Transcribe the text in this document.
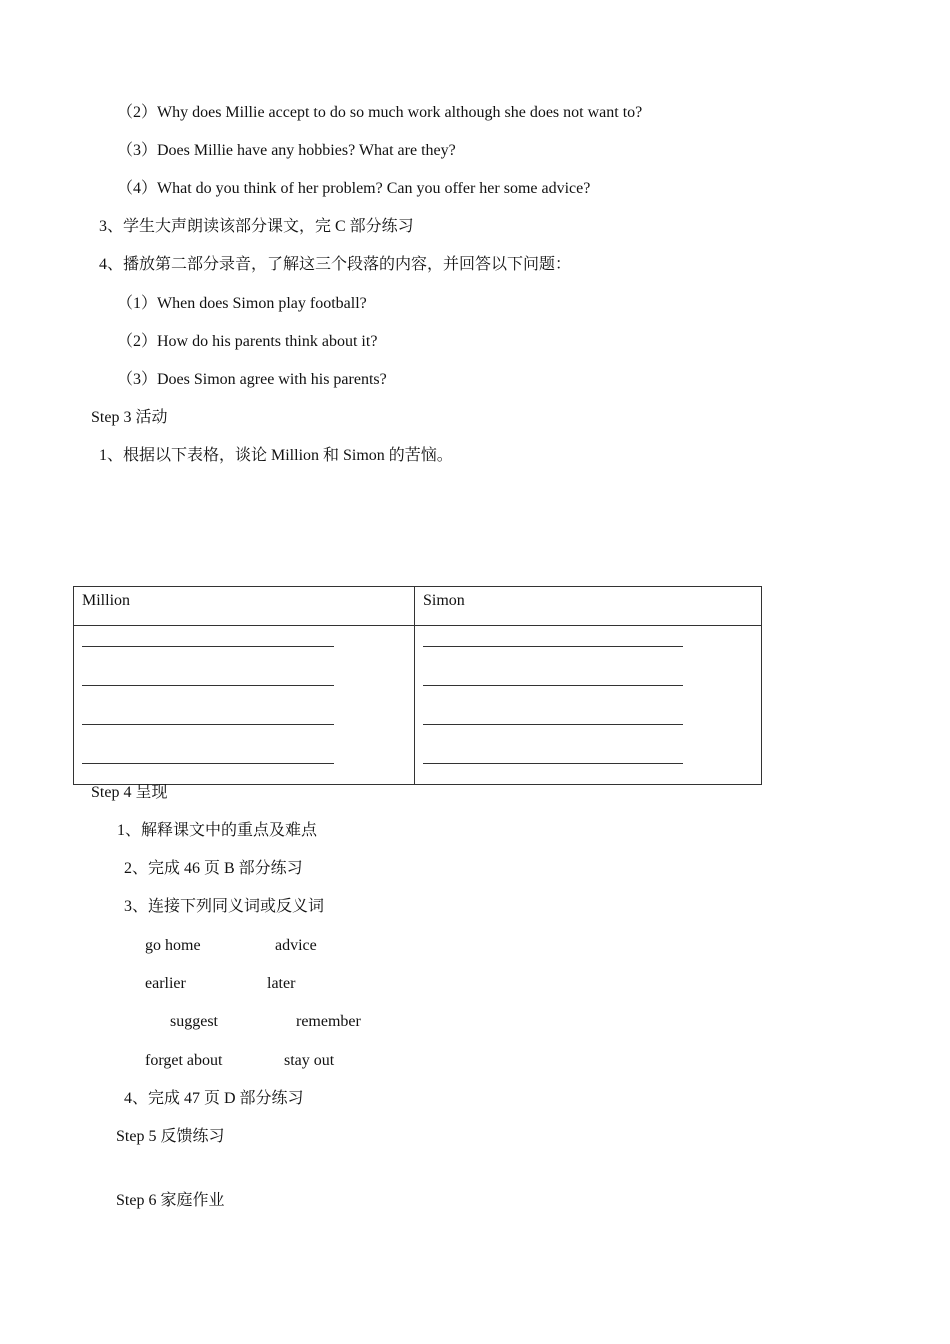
（2）Why does Millie accept to do so much work although she does not want to?
（3）Does Millie have any hobbies? What are they?
（4）What do you think of her problem? Can you offer her some advice?
3、学生大声朗读该部分课文，完 C 部分练习
4、播放第二部分录音，了解这三个段落的内容，并回答以下问题：
（1）When does Simon play football?
（2）How do his parents think about it?
（3）Does Simon agree with his parents?
Step 3 活动
1、根据以下表格，谈论 Million 和 Simon 的苦恼。
Million	Simon

Step 4 呈现
1、解释课文中的重点及难点
2、完成 46 页 B 部分练习
3、连接下列同义词或反义词
go home	advice
earlier	later
suggest	remember
forget about	stay out
4、完成 47 页 D 部分练习
Step 5 反馈练习
Step 6 家庭作业
